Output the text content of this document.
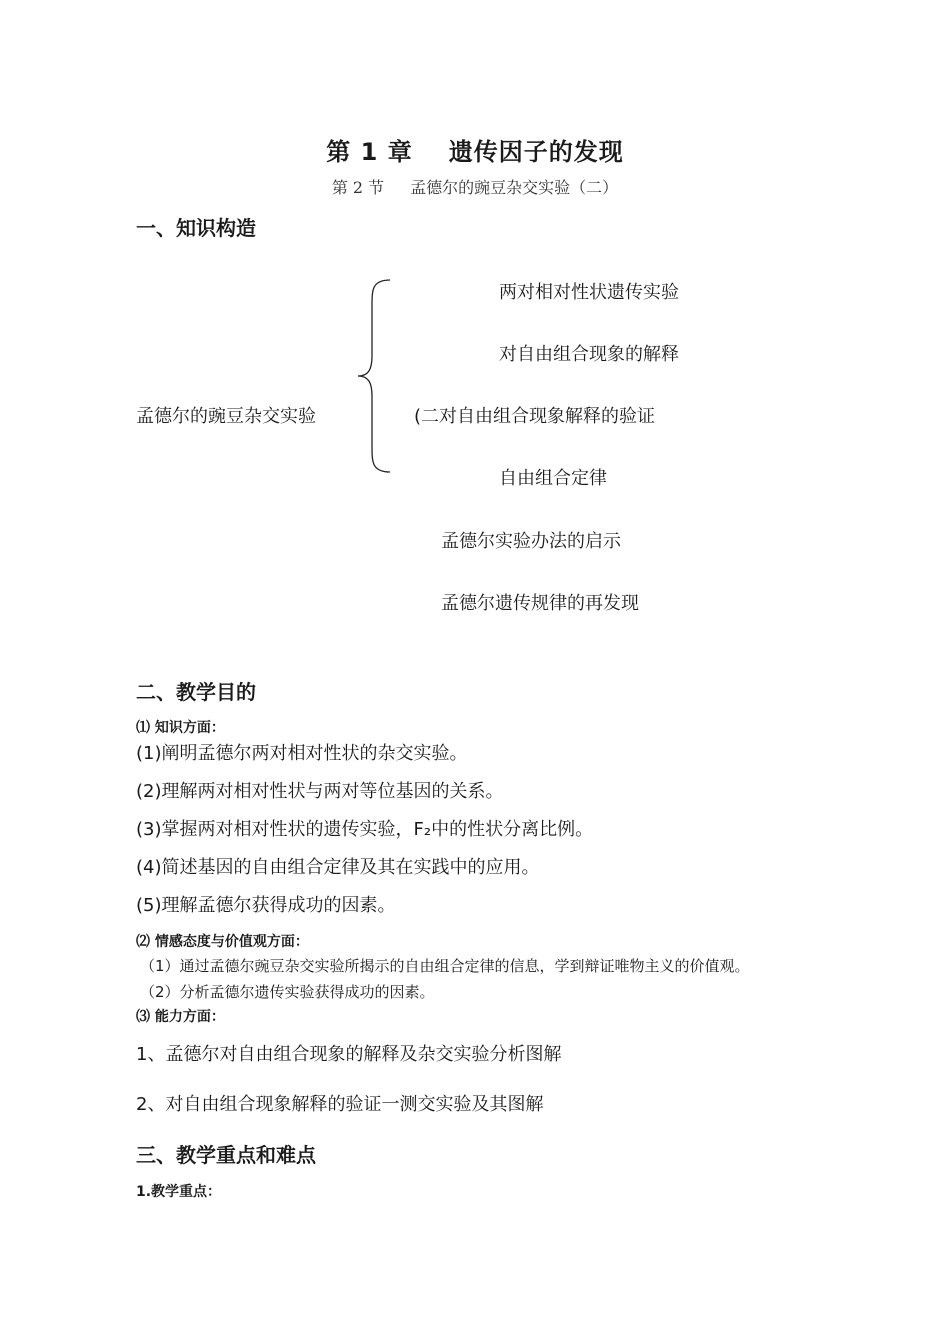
第 1 章 遗传因子的发现
第 2 节 孟德尔的豌豆杂交实验（二）
一、知识构造
孟德尔的豌豆杂交实验
两对相对性状遗传实验
对自由组合现象的解释
(二对自由组合现象解释的验证
自由组合定律
孟德尔实验办法的启示
孟德尔遗传规律的再发现
二、教学目的
⑴ 知识方面：
(1)阐明孟德尔两对相对性状的杂交实验。
(2)理解两对相对性状与两对等位基因的关系。
(3)掌握两对相对性状的遗传实验，F₂中的性状分离比例。
(4)简述基因的自由组合定律及其在实践中的应用。
(5)理解孟德尔获得成功的因素。
⑵ 情感态度与价值观方面：
（1）通过孟德尔豌豆杂交实验所揭示的自由组合定律的信息，学到辩证唯物主义的价值观。
（2）分析孟德尔遗传实验获得成功的因素。
⑶ 能力方面：
1、孟德尔对自由组合现象的解释及杂交实验分析图解
2、对自由组合现象解释的验证一测交实验及其图解
三、教学重点和难点
1.教学重点：
